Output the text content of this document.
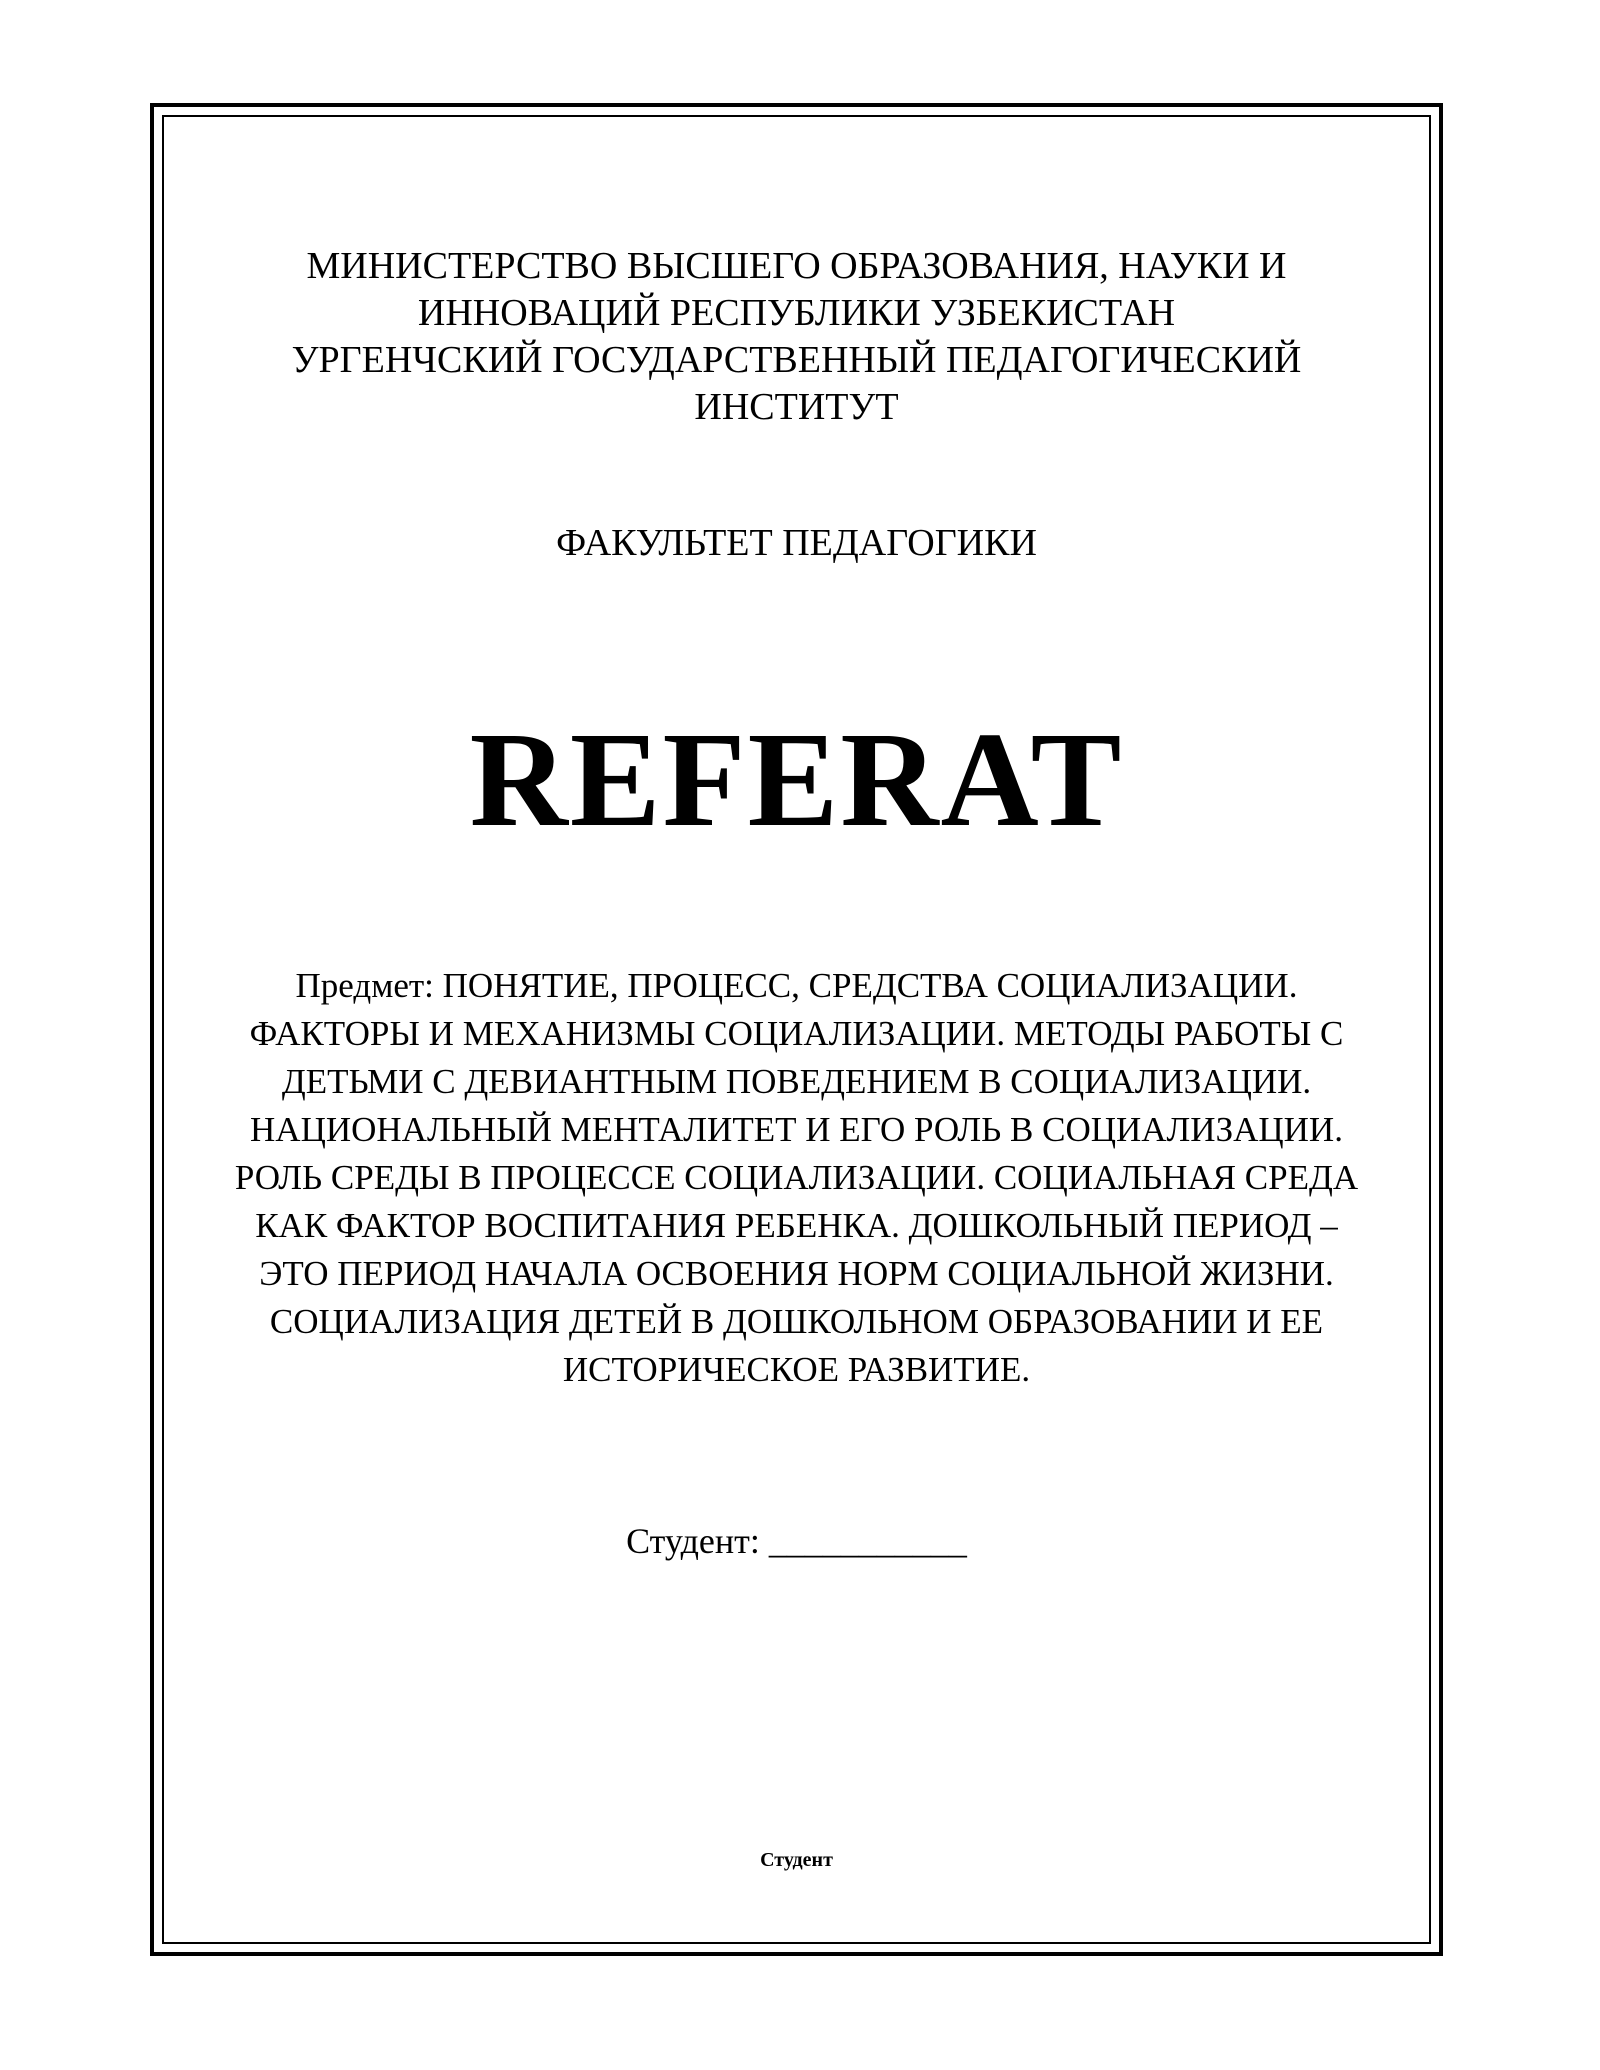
МИНИСТЕРСТВО ВЫСШЕГО ОБРАЗОВАНИЯ, НАУКИ И
ИННОВАЦИЙ РЕСПУБЛИКИ УЗБЕКИСТАН
УРГЕНЧСКИЙ ГОСУДАРСТВЕННЫЙ ПЕДАГОГИЧЕСКИЙ
ИНСТИТУТ
ФАКУЛЬТЕТ ПЕДАГОГИКИ
REFERAT
Предмет: ПОНЯТИЕ, ПРОЦЕСС, СРЕДСТВА СОЦИАЛИЗАЦИИ. ФАКТОРЫ И МЕХАНИЗМЫ СОЦИАЛИЗАЦИИ. МЕТОДЫ РАБОТЫ С ДЕТЬМИ С ДЕВИАНТНЫМ ПОВЕДЕНИЕМ В СОЦИАЛИЗАЦИИ. НАЦИОНАЛЬНЫЙ МЕНТАЛИТЕТ И ЕГО РОЛЬ В СОЦИАЛИЗАЦИИ. РОЛЬ СРЕДЫ В ПРОЦЕССЕ СОЦИАЛИЗАЦИИ. СОЦИАЛЬНАЯ СРЕДА КАК ФАКТОР ВОСПИТАНИЯ РЕБЕНКА. ДОШКОЛЬНЫЙ ПЕРИОД – ЭТО ПЕРИОД НАЧАЛА ОСВОЕНИЯ НОРМ СОЦИАЛЬНОЙ ЖИЗНИ. СОЦИАЛИЗАЦИЯ ДЕТЕЙ В ДОШКОЛЬНОМ ОБРАЗОВАНИИ И ЕЕ ИСТОРИЧЕСКОЕ РАЗВИТИЕ.
Студент: ___________
Студент
